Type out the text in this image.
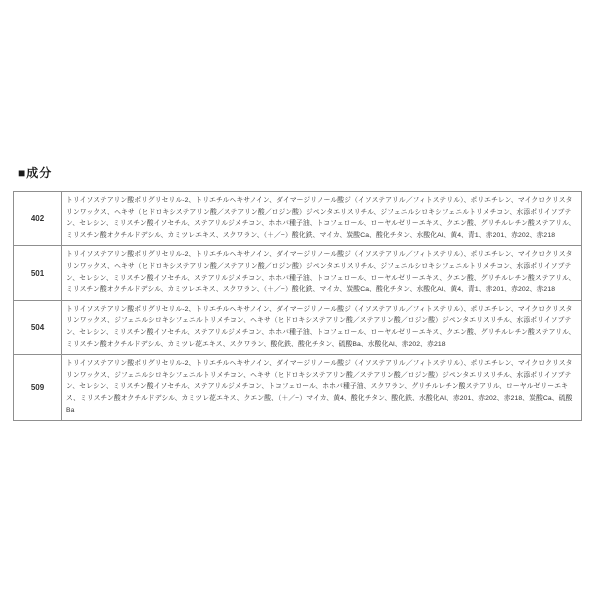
■成分
402	トリイソステアリン酸ポリグリセリル-2、トリエチルヘキサノイン、ダイマージリノール酸ジ（イソステアリル／フィトステリル）、ポリエチレン、マイクロクリスタリンワックス、ヘキサ（ヒドロキシステアリン酸／ステアリン酸／ロジン酸）ジペンタエリスリチル、ジフェニルシロキシフェニルトリメチコン、水添ポリイソブテン、セレシン、ミリスチン酸イソセチル、ステアリルジメチコン、ホホバ種子油、トコフェロール、ローヤルゼリーエキス、クエン酸、グリチルレチン酸ステアリル、ミリスチン酸オクチルドデシル、カミツレエキス、スクワラン、（＋／−）酸化鉄、マイカ、炭酸Ca、酸化チタン、水酸化Al、黄4、青1、赤201、赤202、赤218
501	トリイソステアリン酸ポリグリセリル-2、トリエチルヘキサノイン、ダイマージリノール酸ジ（イソステアリル／フィトステリル）、ポリエチレン、マイクロクリスタリンワックス、ヘキサ（ヒドロキシステアリン酸／ステアリン酸／ロジン酸）ジペンタエリスリチル、ジフェニルシロキシフェニルトリメチコン、水添ポリイソブテン、セレシン、ミリスチン酸イソセチル、ステアリルジメチコン、ホホバ種子油、トコフェロール、ローヤルゼリーエキス、クエン酸、グリチルレチン酸ステアリル、ミリスチン酸オクチルドデシル、カミツレエキス、スクワラン、（＋／−）酸化鉄、マイカ、炭酸Ca、酸化チタン、水酸化Al、黄4、青1、赤201、赤202、赤218
504	トリイソステアリン酸ポリグリセリル-2、トリエチルヘキサノイン、ダイマージリノール酸ジ（イソステアリル／フィトステリル）、ポリエチレン、マイクロクリスタリンワックス、ジフェニルシロキシフェニルトリメチコン、ヘキサ（ヒドロキシステアリン酸／ステアリン酸／ロジン酸）ジペンタエリスリチル、水添ポリイソブテン、セレシン、ミリスチン酸イソセチル、ステアリルジメチコン、ホホバ種子油、トコフェロール、ローヤルゼリーエキス、クエン酸、グリチルレチン酸ステアリル、ミリスチン酸オクチルドデシル、カミツレ花エキス、スクワラン、酸化鉄、酸化チタン、硫酸Ba、水酸化Al、赤202、赤218
509	トリイソステアリン酸ポリグリセリル-2、トリエチルヘキサノイン、ダイマージリノール酸ジ（イソステアリル／フィトステリル）、ポリエチレン、マイクロクリスタリンワックス、ジフェニルシロキシフェニルトリメチコン、ヘキサ（ヒドロキシステアリン酸／ステアリン酸／ロジン酸）ジペンタエリスリチル、水添ポリイソブテン、セレシン、ミリスチン酸イソセチル、ステアリルジメチコン、トコフェロール、ホホバ種子油、スクワラン、グリチルレチン酸ステアリル、ローヤルゼリーエキス、ミリスチン酸オクチルドデシル、カミツレ花エキス、クエン酸、（＋／−）マイカ、黄4、酸化チタン、酸化鉄、水酸化Al、赤201、赤202、赤218、炭酸Ca、硫酸Ba
